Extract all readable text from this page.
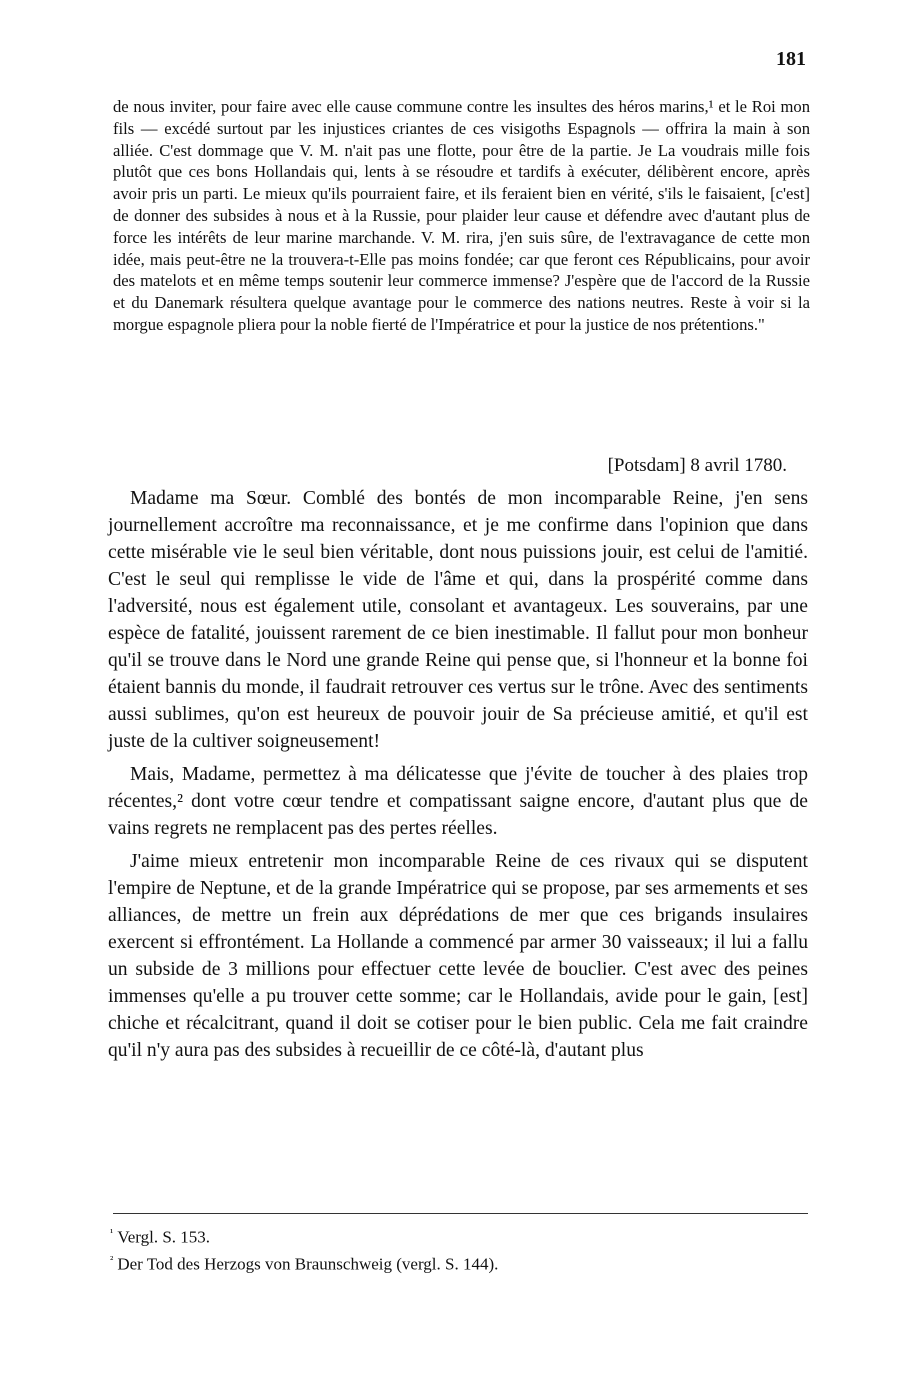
181

de nous inviter, pour faire avec elle cause commune contre les insultes des héros marins,¹ et le Roi mon fils — excédé surtout par les injustices criantes de ces visigoths Espagnols — offrira la main à son alliée. C'est dommage que V. M. n'ait pas une flotte, pour être de la partie. Je La voudrais mille fois plutôt que ces bons Hollandais qui, lents à se résoudre et tardifs à exécuter, délibèrent encore, après avoir pris un parti. Le mieux qu'ils pourraient faire, et ils feraient bien en vérité, s'ils le faisaient, [c'est] de donner des subsides à nous et à la Russie, pour plaider leur cause et défendre avec d'autant plus de force les intérêts de leur marine marchande. V. M. rira, j'en suis sûre, de l'extravagance de cette mon idée, mais peut-être ne la trouvera-t-Elle pas moins fondée; car que feront ces Républicains, pour avoir des matelots et en même temps soutenir leur commerce immense? J'espère que de l'accord de la Russie et du Danemark résultera quelque avantage pour le commerce des nations neutres. Reste à voir si la morgue espagnole pliera pour la noble fierté de l'Impératrice et pour la justice de nos prétentions."

[Potsdam] 8 avril 1780.

Madame ma Sœur. Comblé des bontés de mon incomparable Reine, j'en sens journellement accroître ma reconnaissance, et je me confirme dans l'opinion que dans cette misérable vie le seul bien véritable, dont nous puissions jouir, est celui de l'amitié. C'est le seul qui remplisse le vide de l'âme et qui, dans la prospérité comme dans l'adversité, nous est également utile, consolant et avantageux. Les souverains, par une espèce de fatalité, jouissent rarement de ce bien inestimable. Il fallut pour mon bonheur qu'il se trouve dans le Nord une grande Reine qui pense que, si l'honneur et la bonne foi étaient bannis du monde, il faudrait retrouver ces vertus sur le trône. Avec des sentiments aussi sublimes, qu'on est heureux de pouvoir jouir de Sa précieuse amitié, et qu'il est juste de la cultiver soigneusement!

Mais, Madame, permettez à ma délicatesse que j'évite de toucher à des plaies trop récentes,² dont votre cœur tendre et compatissant saigne encore, d'autant plus que de vains regrets ne remplacent pas des pertes réelles.

J'aime mieux entretenir mon incomparable Reine de ces rivaux qui se disputent l'empire de Neptune, et de la grande Impératrice qui se propose, par ses armements et ses alliances, de mettre un frein aux déprédations de mer que ces brigands insulaires exercent si effrontément. La Hollande a commencé par armer 30 vaisseaux; il lui a fallu un subside de 3 millions pour effectuer cette levée de bouclier. C'est avec des peines immenses qu'elle a pu trouver cette somme; car le Hollandais, avide pour le gain, [est] chiche et récalcitrant, quand il doit se cotiser pour le bien public. Cela me fait craindre qu'il n'y aura pas des subsides à recueillir de ce côté-là, d'autant plus

$^{^1}$ Vergl. S. 153.
$^{^2}$ Der Tod des Herzogs von Braunschweig (vergl. S. 144).
